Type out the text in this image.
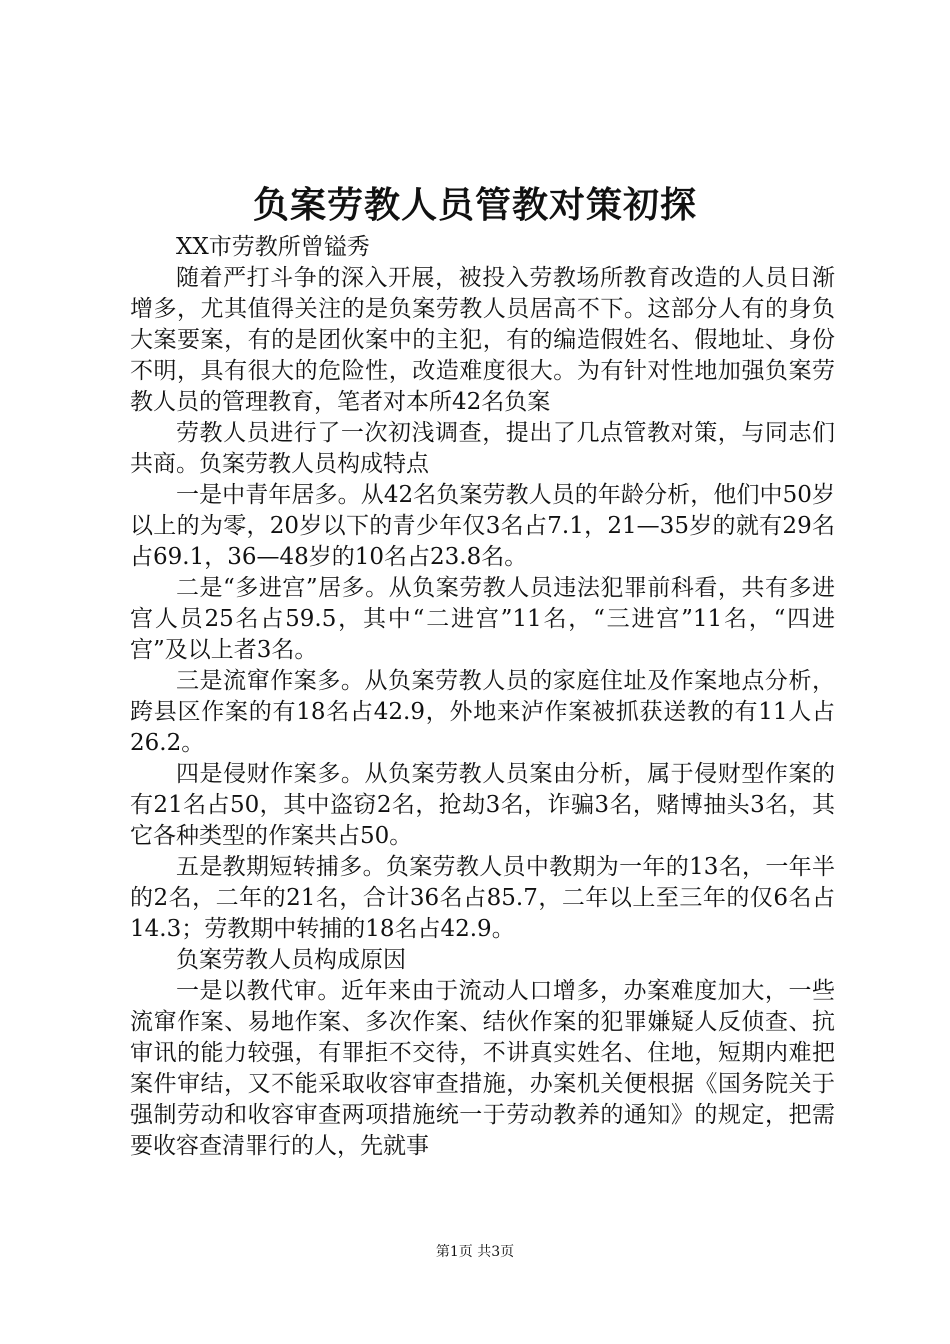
负案劳教人员管教对策初探

XX市劳教所曾镒秀

随着严打斗争的深入开展，被投入劳教场所教育改造的人员日渐增多，尤其值得关注的是负案劳教人员居高不下。这部分人有的身负大案要案，有的是团伙案中的主犯，有的编造假姓名、假地址、身份不明，具有很大的危险性，改造难度很大。为有针对性地加强负案劳教人员的管理教育，笔者对本所42名负案

劳教人员进行了一次初浅调查，提出了几点管教对策，与同志们共商。负案劳教人员构成特点

一是中青年居多。从42名负案劳教人员的年龄分析，他们中50岁以上的为零，20岁以下的青少年仅3名占7.1，21—35岁的就有29名占69.1，36—48岁的10名占23.8名。

二是“多进宫”居多。从负案劳教人员违法犯罪前科看，共有多进宫人员25名占59.5，其中“二进宫”11名，“三进宫”11名，“四进宫”及以上者3名。

三是流窜作案多。从负案劳教人员的家庭住址及作案地点分析，跨县区作案的有18名占42.9，外地来泸作案被抓获送教的有11人占26.2。

四是侵财作案多。从负案劳教人员案由分析，属于侵财型作案的有21名占50，其中盗窃2名，抢劫3名，诈骗3名，赌博抽头3名，其它各种类型的作案共占50。

五是教期短转捕多。负案劳教人员中教期为一年的13名，一年半的2名，二年的21名，合计36名占85.7，二年以上至三年的仅6名占14.3；劳教期中转捕的18名占42.9。

负案劳教人员构成原因

一是以教代审。近年来由于流动人口增多，办案难度加大，一些流窜作案、易地作案、多次作案、结伙作案的犯罪嫌疑人反侦查、抗审讯的能力较强，有罪拒不交待，不讲真实姓名、住地，短期内难把案件审结，又不能采取收容审查措施，办案机关便根据《国务院关于强制劳动和收容审查两项措施统一于劳动教养的通知》的规定，把需要收容查清罪行的人，先就事

第1页 共3页
